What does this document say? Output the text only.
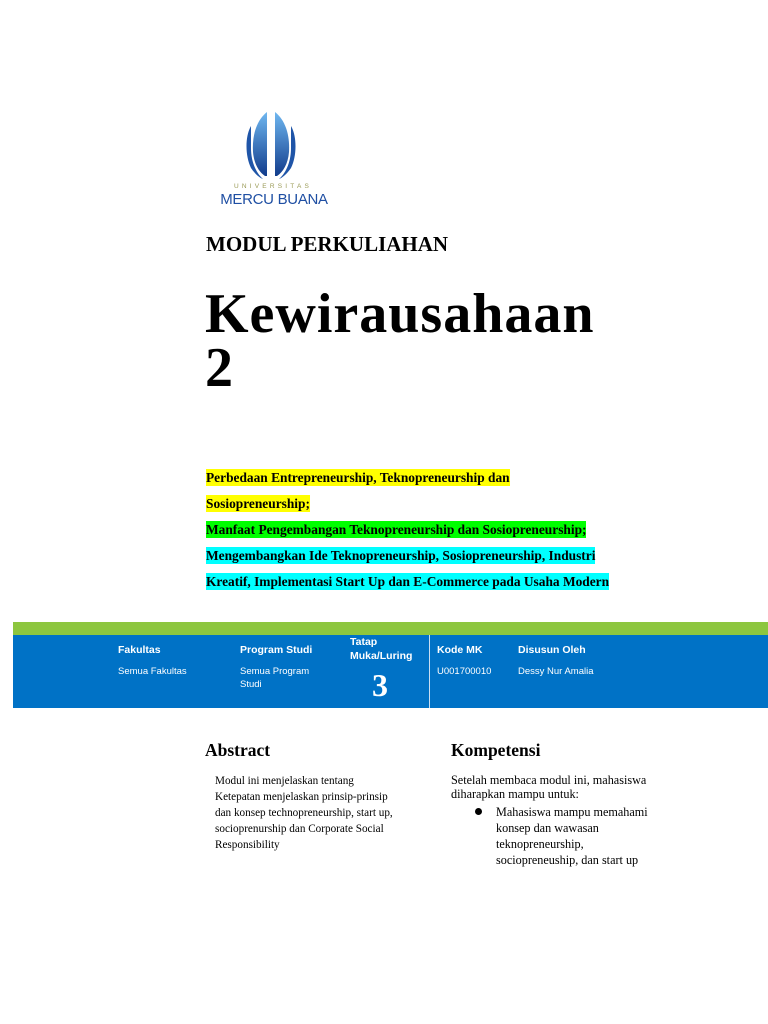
UNIVERSITAS
MERCU BUANA
MODUL PERKULIAHAN
Kewirausahaan
2
Perbedaan Entrepreneurship, Teknopreneurship dan
Sosiopreneurship;
Manfaat Pengembangan Teknopreneurship dan Sosiopreneurship;
Mengembangkan Ide Teknopreneurship, Sosiopreneurship, Industri
Kreatif, Implementasi Start Up dan E-Commerce pada Usaha Modern
Fakultas
Semua Fakultas
Program Studi
Semua Program
Studi
Tatap
Muka/Luring
3
Kode MK
U001700010
Disusun Oleh
Dessy Nur Amalia
Abstract
Modul ini menjelaskan tentang
Ketepatan menjelaskan prinsip-prinsip
dan konsep technopreneurship, start up,
socioprenurship dan Corporate Social
Responsibility
Kompetensi
Setelah membaca modul ini, mahasiswa
diharapkan mampu untuk:
Mahasiswa mampu memahami
konsep dan wawasan
teknopreneurship,
sociopreneuship, dan start up
